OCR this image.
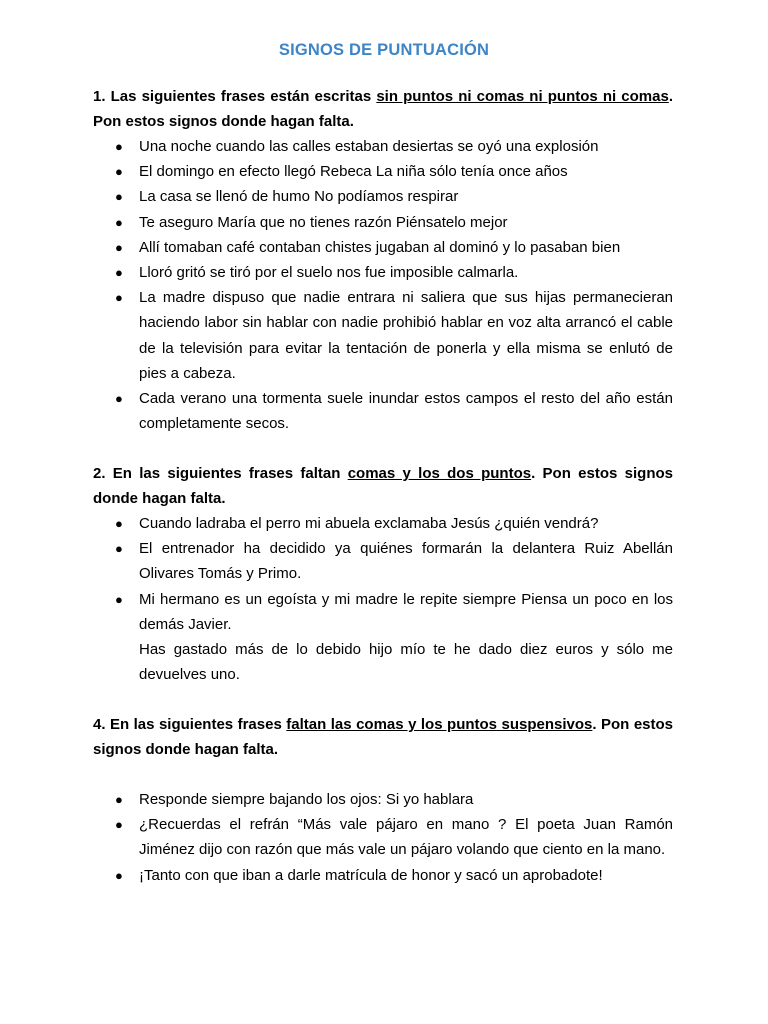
SIGNOS DE PUNTUACIÓN

1. Las siguientes frases están escritas sin puntos ni comas ni puntos ni comas. Pon estos signos donde hagan falta.

● Una noche cuando las calles estaban desiertas se oyó una explosión
● El domingo en efecto llegó Rebeca La niña sólo tenía once años
● La casa se llenó de humo No podíamos respirar
● Te aseguro María que no tienes razón Piénsatelo mejor
● Allí tomaban café contaban chistes jugaban al dominó y lo pasaban bien
● Lloró gritó se tiró por el suelo nos fue imposible calmarla.
● La madre dispuso que nadie entrara ni saliera que sus hijas permanecieran haciendo labor sin hablar con nadie prohibió hablar en voz alta arrancó el cable de la televisión para evitar la tentación de ponerla y ella misma se enlutó de pies a cabeza.
● Cada verano una tormenta suele inundar estos campos el resto del año están completamente secos.

2. En las siguientes frases faltan comas y los dos puntos. Pon estos signos donde hagan falta.

● Cuando ladraba el perro mi abuela exclamaba Jesús ¿quién vendrá?
● El entrenador ha decidido ya quiénes formarán la delantera Ruiz Abellán Olivares Tomás y Primo.
● Mi hermano es un egoísta y mi madre le repite siempre Piensa un poco en los demás Javier.
Has gastado más de lo debido hijo mío te he dado diez euros y sólo me devuelves uno.

4. En las siguientes frases faltan las comas y los puntos suspensivos. Pon estos signos donde hagan falta.

● Responde siempre bajando los ojos: Si yo hablara
● ¿Recuerdas el refrán “Más vale pájaro en mano ? El poeta Juan Ramón Jiménez dijo con razón que más vale un pájaro volando que ciento en la mano.
● ¡Tanto con que iban a darle matrícula de honor y sacó un aprobadote!
